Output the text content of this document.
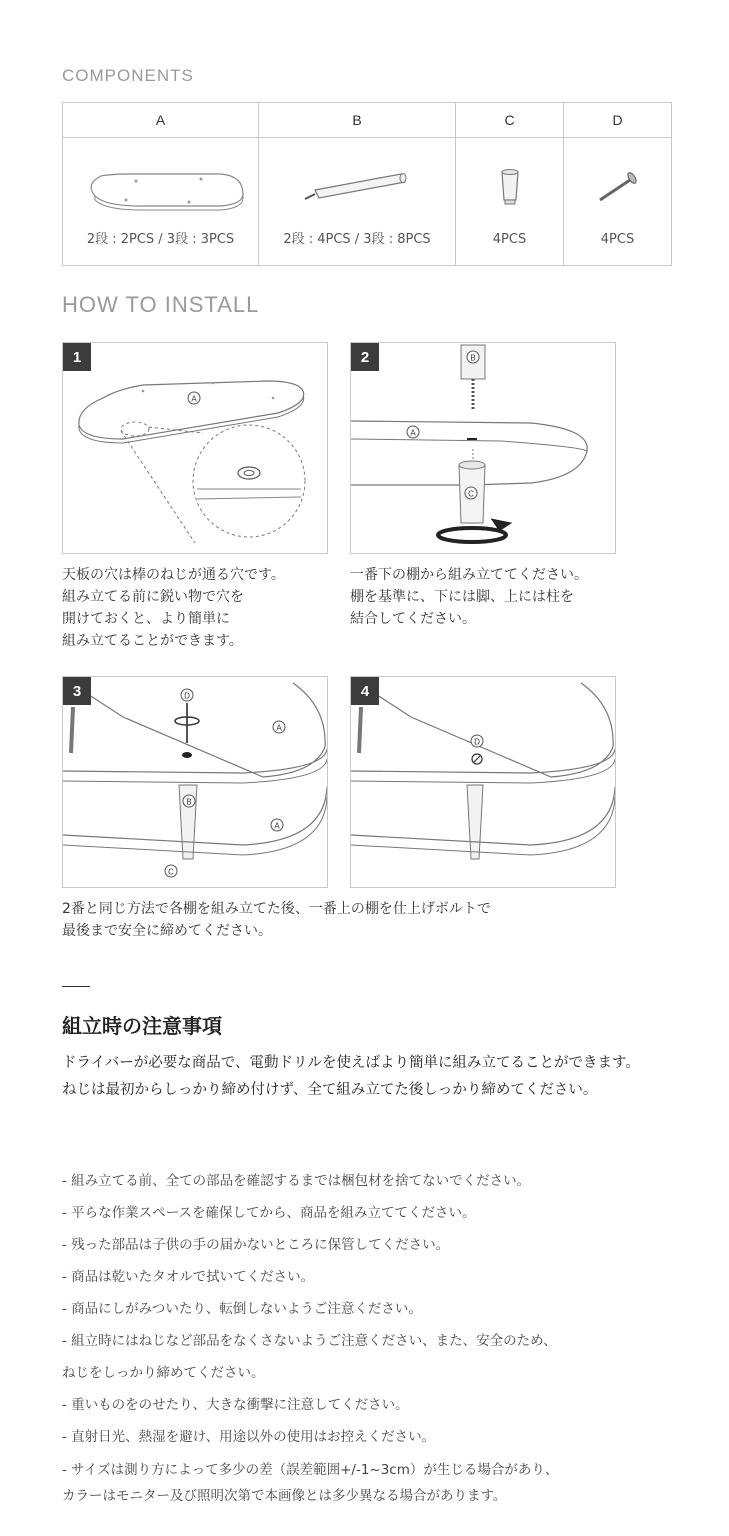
COMPONENTS
A	B	C	D

2段 : 2PCS / 3段 : 3PCS	2段 : 4PCS / 3段 : 8PCS	4PCS	4PCS
HOW TO INSTALL
1
A
天板の穴は棒のねじが通る穴です。
組み立てる前に鋭い物で穴を
開けておくと、より簡単に
組み立てることができます。
2	B
A
C
一番下の棚から組み立ててください。
棚を基準に、下には脚、上には柱を
結合してください。
3	D
A
B
A
C
4
D
2番と同じ方法で各棚を組み立てた後、一番上の棚を仕上げボルトで
最後まで安全に締めてください。
組立時の注意事項
ドライバーが必要な商品で、電動ドリルを使えばより簡単に組み立てることができます。
ねじは最初からしっかり締め付けず、全て組み立てた後しっかり締めてください。
- 組み立てる前、全ての部品を確認するまでは梱包材を捨てないでください。
- 平らな作業スペースを確保してから、商品を組み立ててください。
- 残った部品は子供の手の届かないところに保管してください。
- 商品は乾いたタオルで拭いてください。
- 商品にしがみついたり、転倒しないようご注意ください。
- 組立時にはねじなど部品をなくさないようご注意ください、また、安全のため、
ねじをしっかり締めてください。
- 重いものをのせたり、大きな衝撃に注意してください。
- 直射日光、熱湿を避け、用途以外の使用はお控えください。
- サイズは測り方によって多少の差（誤差範囲+/-1~3cm）が生じる場合があり、
カラーはモニター及び照明次第で本画像とは多少異なる場合があります。
